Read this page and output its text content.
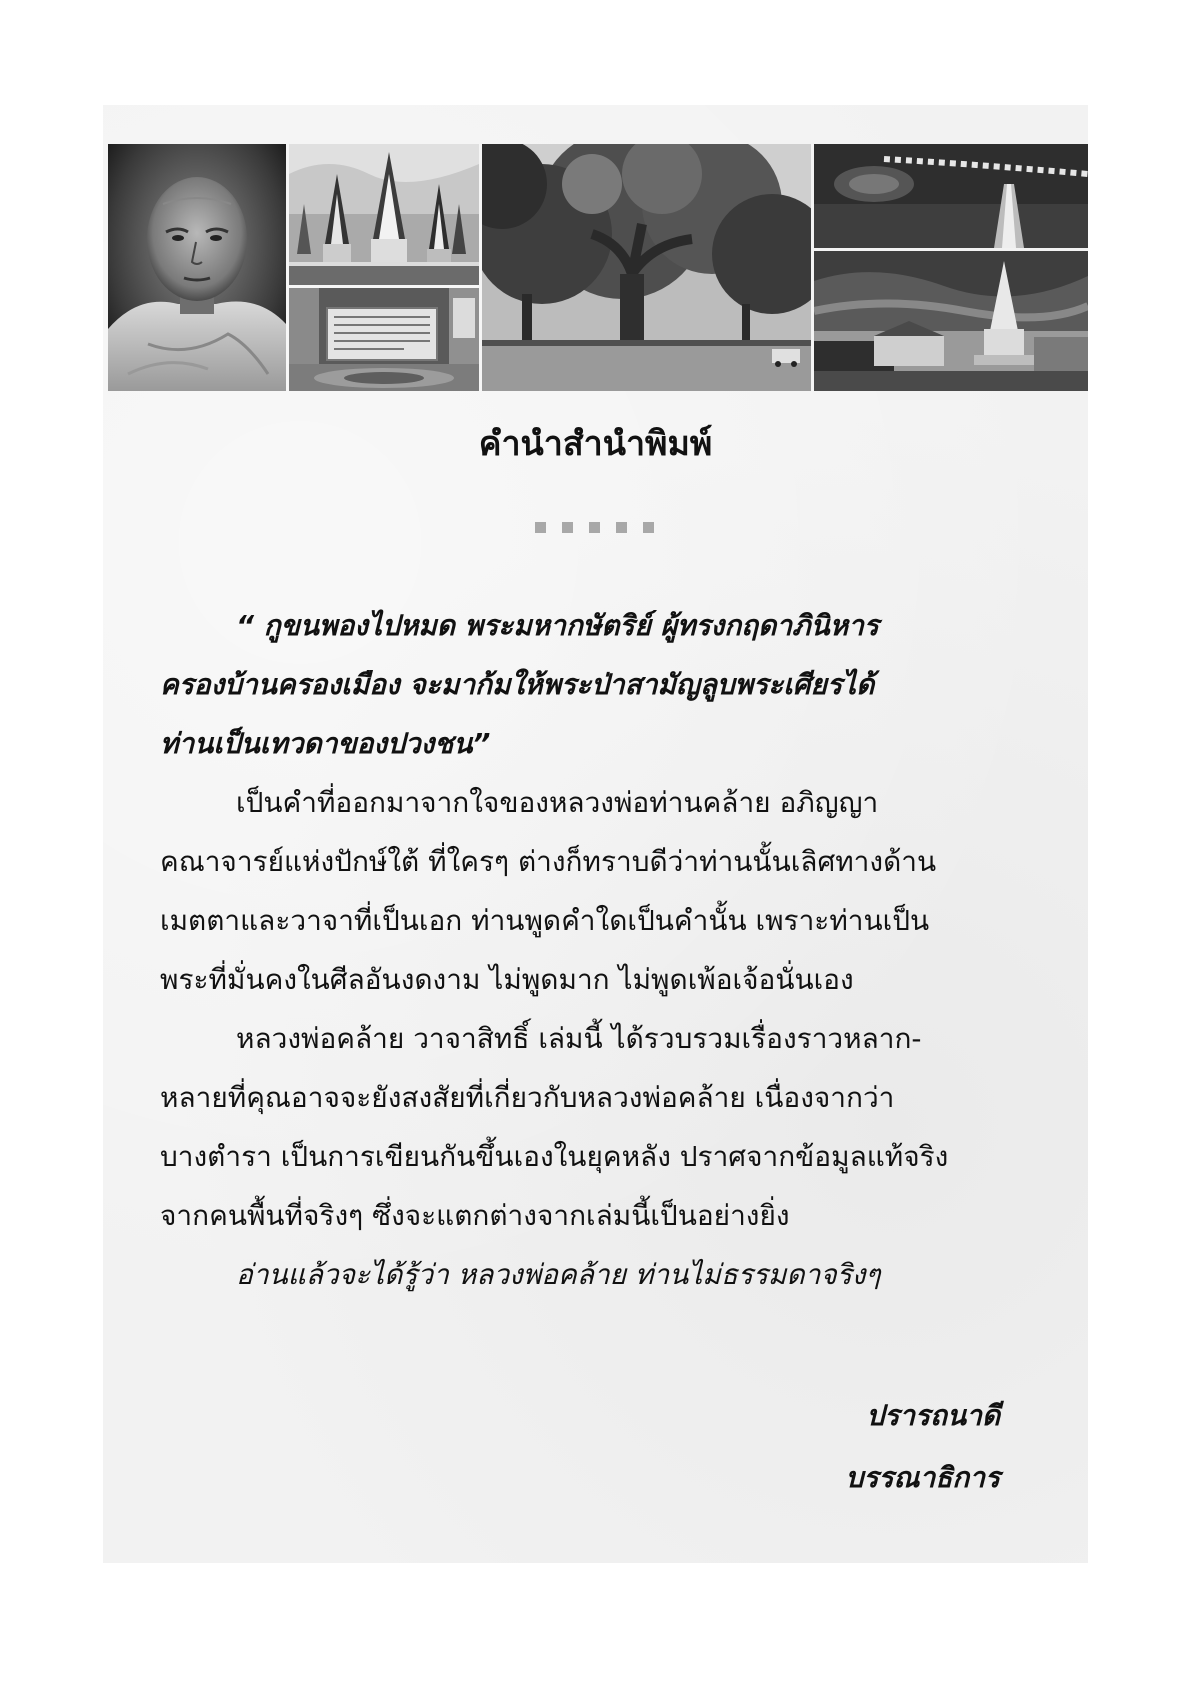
คำนำสำนำพิมพ์
“ กูขนพองไปหมด พระมหากษัตริย์ ผู้ทรงกฤดาภินิหาร
ครองบ้านครองเมือง จะมาก้มให้พระป่าสามัญลูบพระเศียรได้
ท่านเป็นเทวดาของปวงชน”
เป็นคำที่ออกมาจากใจของหลวงพ่อท่านคล้าย อภิญญา
คณาจารย์แห่งปักษ์ใต้ ที่ใครๆ ต่างก็ทราบดีว่าท่านนั้นเลิศทางด้าน
เมตตาและวาจาที่เป็นเอก ท่านพูดคำใดเป็นคำนั้น เพราะท่านเป็น
พระที่มั่นคงในศีลอันงดงาม ไม่พูดมาก ไม่พูดเพ้อเจ้อนั่นเอง
หลวงพ่อคล้าย วาจาสิทธิ์ เล่มนี้ ได้รวบรวมเรื่องราวหลาก-
หลายที่คุณอาจจะยังสงสัยที่เกี่ยวกับหลวงพ่อคล้าย เนื่องจากว่า
บางตำรา เป็นการเขียนกันขึ้นเองในยุคหลัง ปราศจากข้อมูลแท้จริง
จากคนพื้นที่จริงๆ ซึ่งจะแตกต่างจากเล่มนี้เป็นอย่างยิ่ง
อ่านแล้วจะได้รู้ว่า หลวงพ่อคล้าย ท่านไม่ธรรมดาจริงๆ
ปรารถนาดี
บรรณาธิการ
